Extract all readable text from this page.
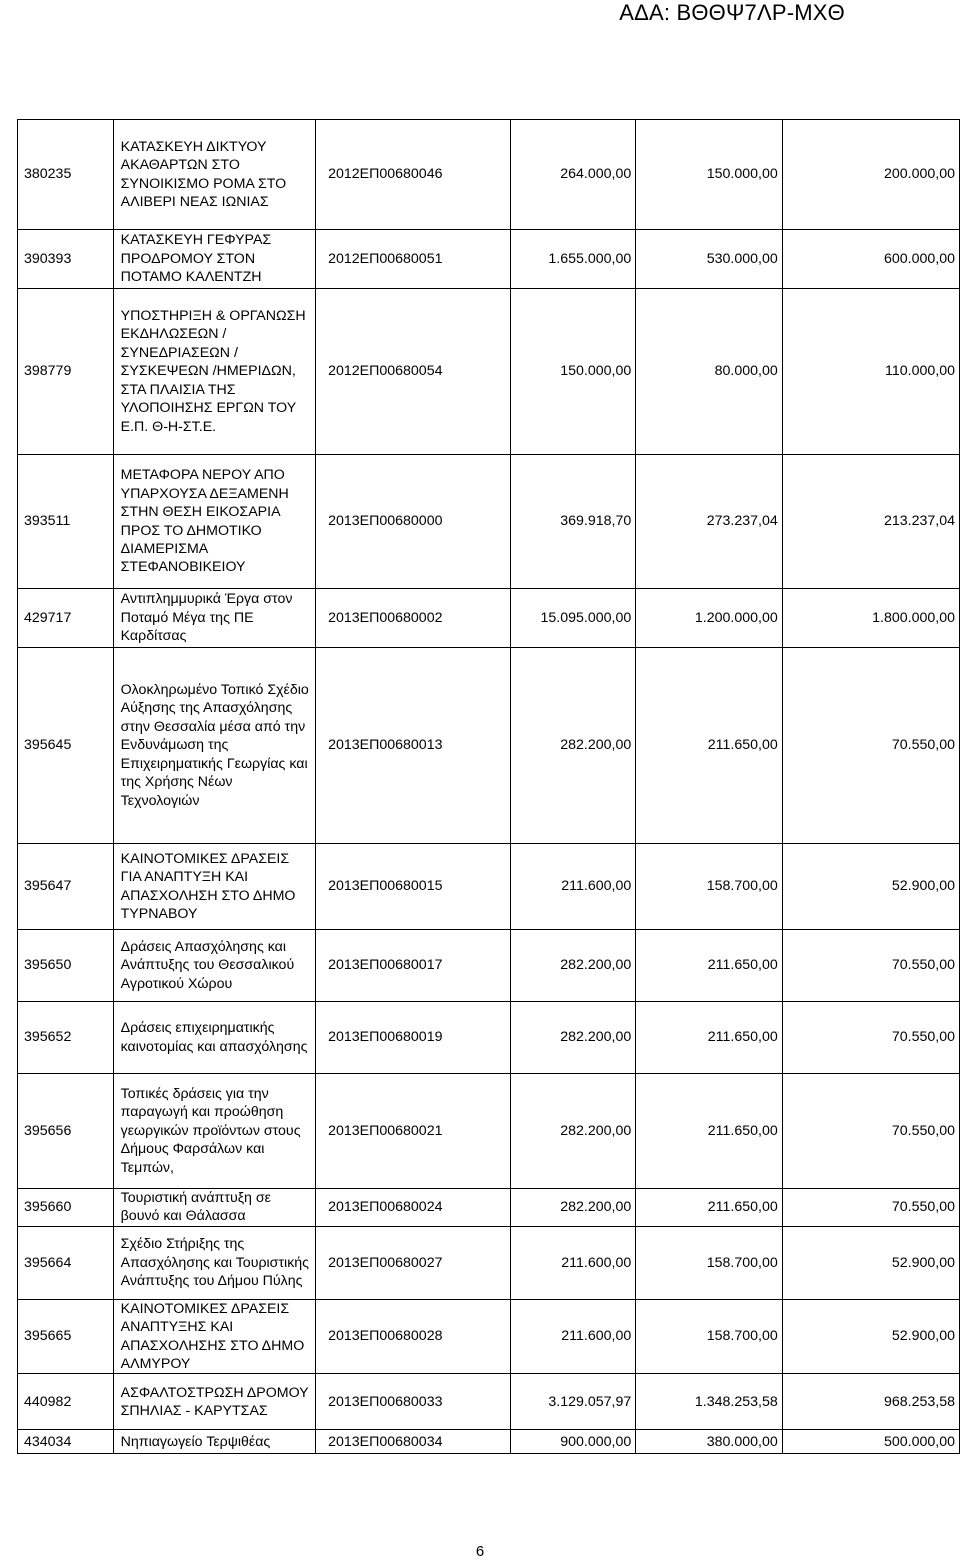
ΑΔΑ: ΒΘΘΨ7ΛΡ-ΜΧΘ
380235	ΚΑΤΑΣΚΕΥΗ ΔΙΚΤΥΟΥ ΑΚΑΘΑΡΤΩΝ ΣΤΟ ΣΥΝΟΙΚΙΣΜΟ ΡΟΜΑ ΣΤΟ ΑΛΙΒΕΡΙ ΝΕΑΣ ΙΩΝΙΑΣ	2012ΕΠ00680046	264.000,00	150.000,00	200.000,00
390393	ΚΑΤΑΣΚΕΥΗ ΓΕΦΥΡΑΣ ΠΡΟΔΡΟΜΟΥ ΣΤΟΝ ΠΟΤΑΜΟ ΚΑΛΕΝΤΖΗ	2012ΕΠ00680051	1.655.000,00	530.000,00	600.000,00
398779	ΥΠΟΣΤΗΡΙΞΗ & ΟΡΓΑΝΩΣΗ ΕΚΔΗΛΩΣΕΩΝ / ΣΥΝΕΔΡΙΑΣΕΩΝ / ΣΥΣΚΕΨΕΩΝ /ΗΜΕΡΙΔΩΝ, ΣΤΑ ΠΛΑΙΣΙΑ ΤΗΣ ΥΛΟΠΟΙΗΣΗΣ ΕΡΓΩΝ ΤΟΥ Ε.Π. Θ-Η-ΣΤ.Ε.	2012ΕΠ00680054	150.000,00	80.000,00	110.000,00
393511	ΜΕΤΑΦΟΡΑ ΝΕΡΟΥ ΑΠΟ ΥΠΑΡΧΟΥΣΑ ΔΕΞΑΜΕΝΗ ΣΤΗΝ ΘΕΣΗ ΕΙΚΟΣΑΡΙΑ ΠΡΟΣ ΤΟ ΔΗΜΟΤΙΚΟ ΔΙΑΜΕΡΙΣΜΑ ΣΤΕΦΑΝΟΒΙΚΕΙΟΥ	2013ΕΠ00680000	369.918,70	273.237,04	213.237,04
429717	Αντιπλημμυρικά Έργα στον Ποταμό Μέγα της ΠΕ Καρδίτσας	2013ΕΠ00680002	15.095.000,00	1.200.000,00	1.800.000,00
395645	Ολοκληρωμένο Τοπικό Σχέδιο Αύξησης της Απασχόλησης στην Θεσσαλία μέσα από την Ενδυνάμωση της Επιχειρηματικής Γεωργίας και της Χρήσης Νέων Τεχνολογιών	2013ΕΠ00680013	282.200,00	211.650,00	70.550,00
395647	ΚΑΙΝΟΤΟΜΙΚΕΣ ΔΡΑΣΕΙΣ ΓΙΑ ΑΝΑΠΤΥΞΗ ΚΑΙ ΑΠΑΣΧΟΛΗΣΗ ΣΤΟ ΔΗΜΟ ΤΥΡΝΑΒΟΥ	2013ΕΠ00680015	211.600,00	158.700,00	52.900,00
395650	Δράσεις Απασχόλησης και Ανάπτυξης του Θεσσαλικού Αγροτικού Χώρου	2013ΕΠ00680017	282.200,00	211.650,00	70.550,00
395652	Δράσεις επιχειρηματικής καινοτομίας και απασχόλησης	2013ΕΠ00680019	282.200,00	211.650,00	70.550,00
395656	Τοπικές δράσεις για την παραγωγή και προώθηση γεωργικών προϊόντων στους Δήμους Φαρσάλων και Τεμπών,	2013ΕΠ00680021	282.200,00	211.650,00	70.550,00
395660	Τουριστική ανάπτυξη σε βουνό και Θάλασσα	2013ΕΠ00680024	282.200,00	211.650,00	70.550,00
395664	Σχέδιο Στήριξης της Απασχόλησης και Τουριστικής Ανάπτυξης του Δήμου Πύλης	2013ΕΠ00680027	211.600,00	158.700,00	52.900,00
395665	ΚΑΙΝΟΤΟΜΙΚΕΣ ΔΡΑΣΕΙΣ ΑΝΑΠΤΥΞΗΣ ΚΑΙ ΑΠΑΣΧΟΛΗΣΗΣ ΣΤΟ ΔΗΜΟ ΑΛΜΥΡΟΥ	2013ΕΠ00680028	211.600,00	158.700,00	52.900,00
440982	ΑΣΦΑΛΤΟΣΤΡΩΣΗ ΔΡΟΜΟΥ ΣΠΗΛΙΑΣ - ΚΑΡΥΤΣΑΣ	2013ΕΠ00680033	3.129.057,97	1.348.253,58	968.253,58
434034	Νηπιαγωγείο Τερψιθέας	2013ΕΠ00680034	900.000,00	380.000,00	500.000,00
6
